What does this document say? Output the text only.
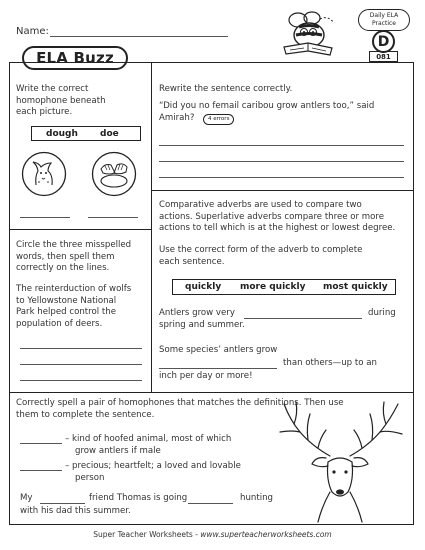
Name:
ELA Buzz
Daily ELA
Practice
D
081
Write the correct
homophone beneath
each picture.
dough doe
Rewrite the sentence correctly.
“Did you no femail caribou grow antlers too,” said
Amirah?	4 errors
Circle the three misspelled
words, then spell them
correctly on the lines.
The reinterduction of wolfs
to Yellowstone National
Park helped control the
population of deers.
Comparative adverbs are used to compare two
actions. Superlative adverbs compare three or more
actions to tell which is at the highest or lowest degree.
Use the correct form of the adverb to complete
each sentence.
quickly more quickly most quickly
Antlers grow very	during
spring and summer.
Some species’ antlers grow
than others—up to an
inch per day or more!
Correctly spell a pair of homophones that matches the definitions. Then use
them to complete the sentence.
– kind of hoofed animal, most of which
grow antlers if male
– precious; heartfelt; a loved and lovable
person
My	friend Thomas is going	hunting
with his dad this summer.
Super Teacher Worksheets - www.superteacherworksheets.com
